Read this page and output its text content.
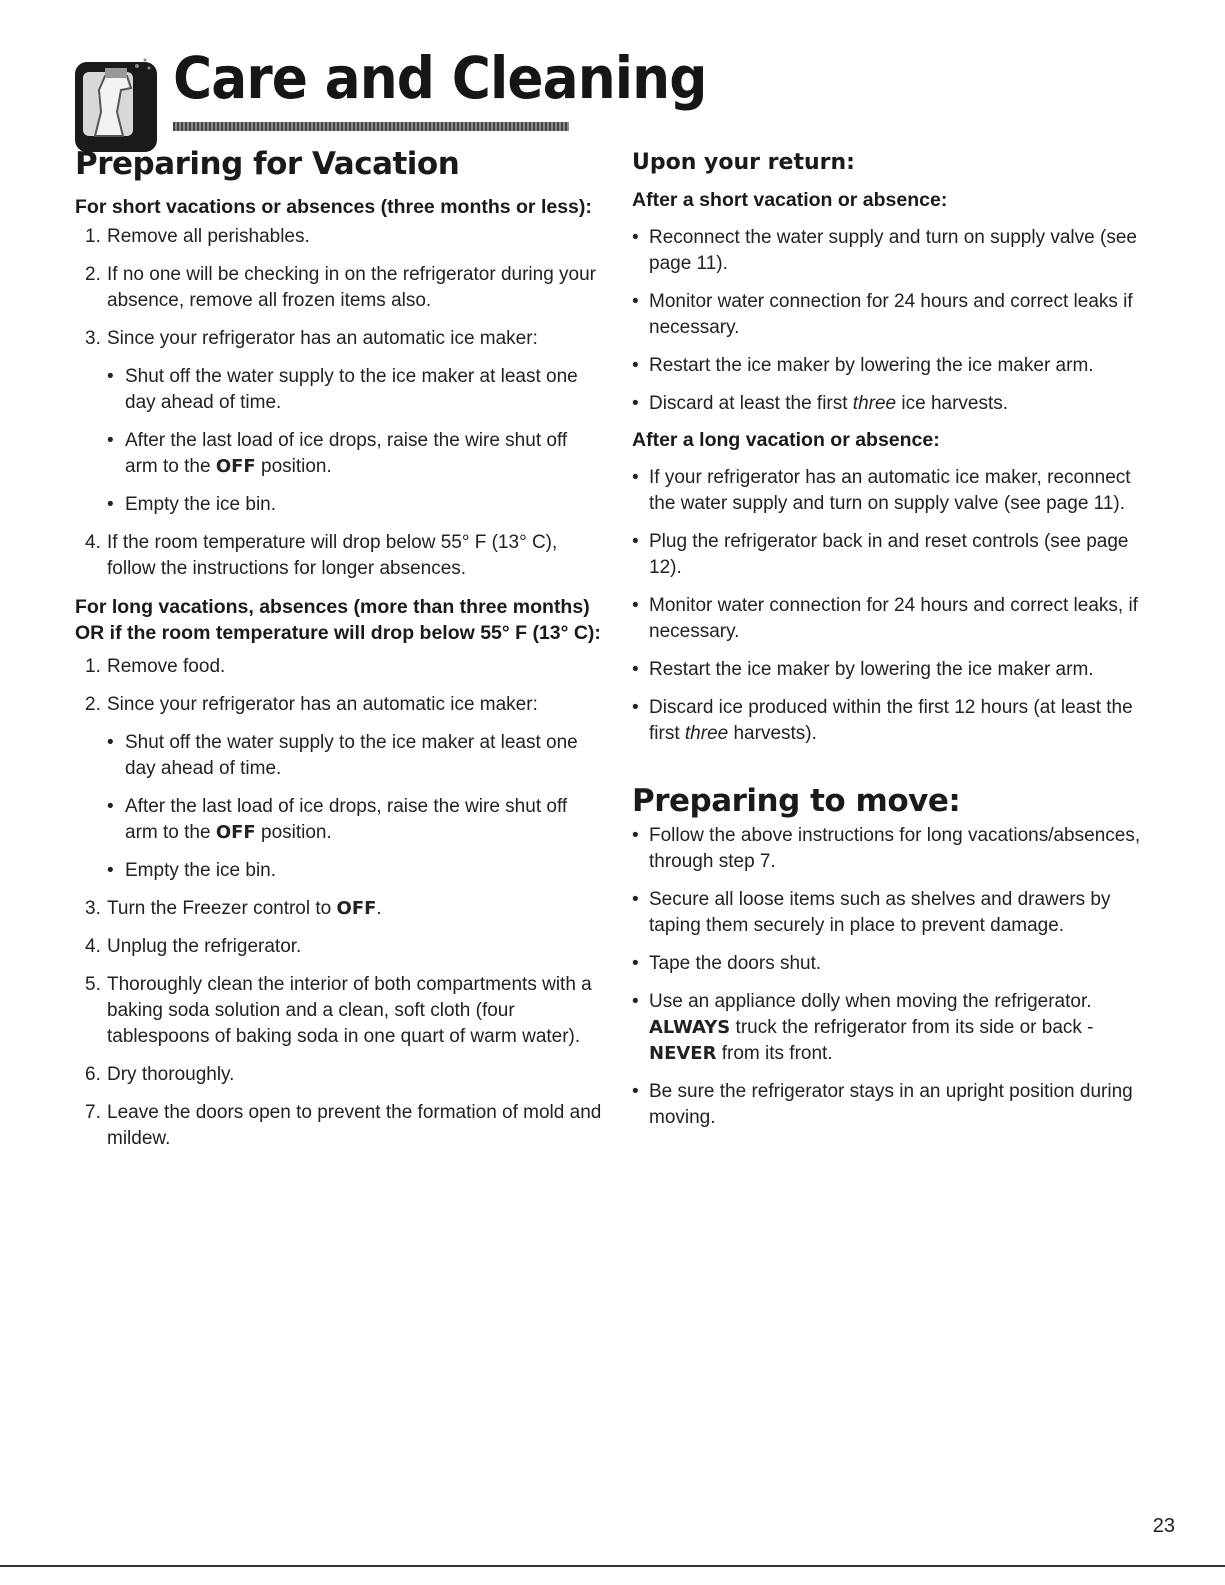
Care and Cleaning
Preparing for Vacation
For short vacations or absences (three months or less):
1. Remove all perishables.
2. If no one will be checking in on the refrigerator during your absence, remove all frozen items also.
3. Since your refrigerator has an automatic ice maker:
• Shut off the water supply to the ice maker at least one day ahead of time.
• After the last load of ice drops, raise the wire shut off arm to the OFF position.
• Empty the ice bin.
4. If the room temperature will drop below 55° F (13° C), follow the instructions for longer absences.
For long vacations, absences (more than three months) OR if the room temperature will drop below 55° F (13° C):
1. Remove food.
2. Since your refrigerator has an automatic ice maker:
• Shut off the water supply to the ice maker at least one day ahead of time.
• After the last load of ice drops, raise the wire shut off arm to the OFF position.
• Empty the ice bin.
3. Turn the Freezer control to OFF.
4. Unplug the refrigerator.
5. Thoroughly clean the interior of both compartments with a baking soda solution and a clean, soft cloth (four tablespoons of baking soda in one quart of warm water).
6. Dry thoroughly.
7. Leave the doors open to prevent the formation of mold and mildew.
Upon your return:
After a short vacation or absence:
• Reconnect the water supply and turn on supply valve (see page 11).
• Monitor water connection for 24 hours and correct leaks if necessary.
• Restart the ice maker by lowering the ice maker arm.
• Discard at least the first three ice harvests.
After a long vacation or absence:
• If your refrigerator has an automatic ice maker, reconnect the water supply and turn on supply valve (see page 11).
• Plug the refrigerator back in and reset controls (see page 12).
• Monitor water connection for 24 hours and correct leaks, if necessary.
• Restart the ice maker by lowering the ice maker arm.
• Discard ice produced within the first 12 hours (at least the first three harvests).
Preparing to move:
• Follow the above instructions for long vacations/absences, through step 7.
• Secure all loose items such as shelves and drawers by taping them securely in place to prevent damage.
• Tape the doors shut.
• Use an appliance dolly when moving the refrigerator. ALWAYS truck the refrigerator from its side or back - NEVER from its front.
• Be sure the refrigerator stays in an upright position during moving.
23
